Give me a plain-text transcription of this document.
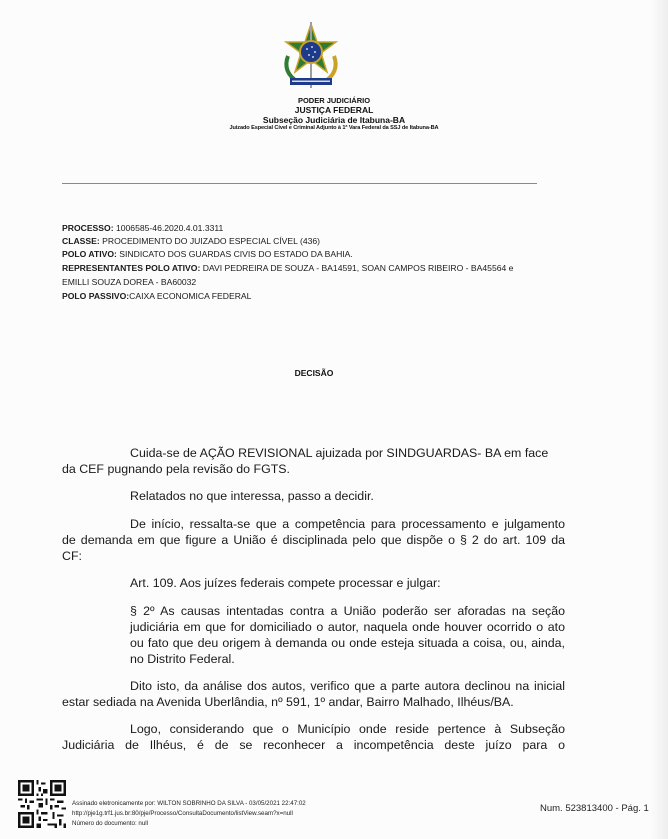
PODER JUDICIÁRIO
JUSTIÇA FEDERAL
Subseção Judiciária de Itabuna-BA
Juizado Especial Cível e Criminal Adjunto à 1ª Vara Federal da SSJ de Itabuna-BA
PROCESSO: 1006585-46.2020.4.01.3311
CLASSE: PROCEDIMENTO DO JUIZADO ESPECIAL CÍVEL (436)
POLO ATIVO: SINDICATO DOS GUARDAS CIVIS DO ESTADO DA BAHIA.
REPRESENTANTES POLO ATIVO: DAVI PEDREIRA DE SOUZA - BA14591, SOAN CAMPOS RIBEIRO - BA45564 e
EMILLI SOUZA DOREA - BA60032
POLO PASSIVO:CAIXA ECONOMICA FEDERAL
DECISÃO
Cuida-se de AÇÃO REVISIONAL ajuizada por SINDGUARDAS- BA em face
da CEF pugnando pela revisão do FGTS.
Relatados no que interessa, passo a decidir.
De início, ressalta-se que a competência para processamento e julgamento
de demanda em que figure a União é disciplinada pelo que dispõe o § 2 do art. 109 da
CF:
Art. 109. Aos juízes federais compete processar e julgar:
§ 2º As causas intentadas contra a União poderão ser aforadas na seção
judiciária em que for domiciliado o autor, naquela onde houver ocorrido o ato
ou fato que deu origem à demanda ou onde esteja situada a coisa, ou, ainda,
no Distrito Federal.
Dito isto, da análise dos autos, verifico que a parte autora declinou na inicial
estar sediada na Avenida Uberlândia, nº 591, 1º andar, Bairro Malhado, Ilhéus/BA.
Logo, considerando que o Município onde reside pertence à Subseção
Judiciária de Ilhéus, é de se reconhecer a incompetência deste juízo para o
Assinado eletronicamente por: WILTON SOBRINHO DA SILVA - 03/05/2021 22:47:02
http://pje1g.trf1.jus.br:80/pje/Processo/ConsultaDocumento/listView.seam?x=null
Número do documento: null
Num. 523813400 - Pág. 1
